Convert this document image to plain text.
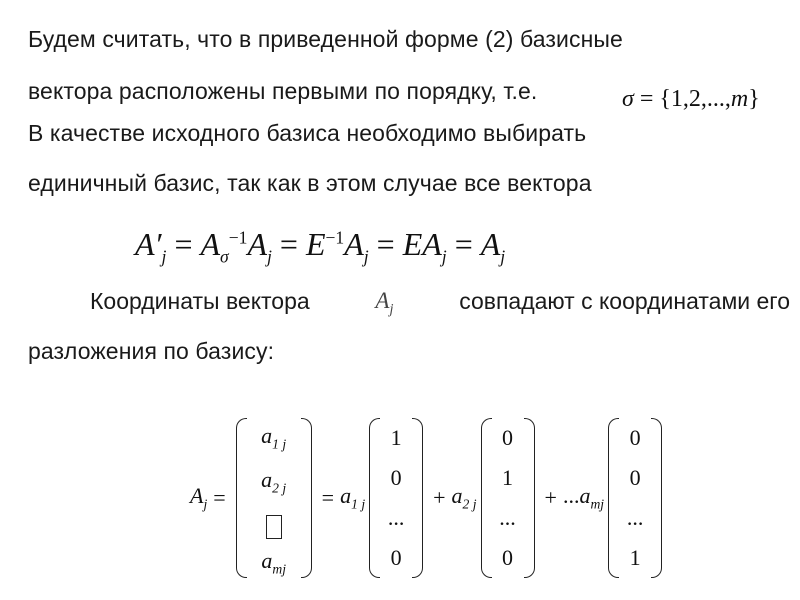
Будем считать, что в приведенной форме (2) базисные
вектора расположены первыми по порядку, т.е.	σ = {1,2,...,m}
В качестве исходного базиса необходимо выбирать
единичный базис, так как в этом случае все вектора
$A'_j = A_\sigma^{-1}A_j = E^{-1}A_j = EA_j = A_j$
Координаты вектора	$A_j$	совпадают с координатами его
разложения по базису:
$A_j$ =
$a_{1 j}$
$a_{2 j}$
$a_{mj}$
= $a_{1 j}$
1
0
...
0
+ $a_{2 j}$
0
1
...
0
+ $...a_{mj}$
0
0
...
1
